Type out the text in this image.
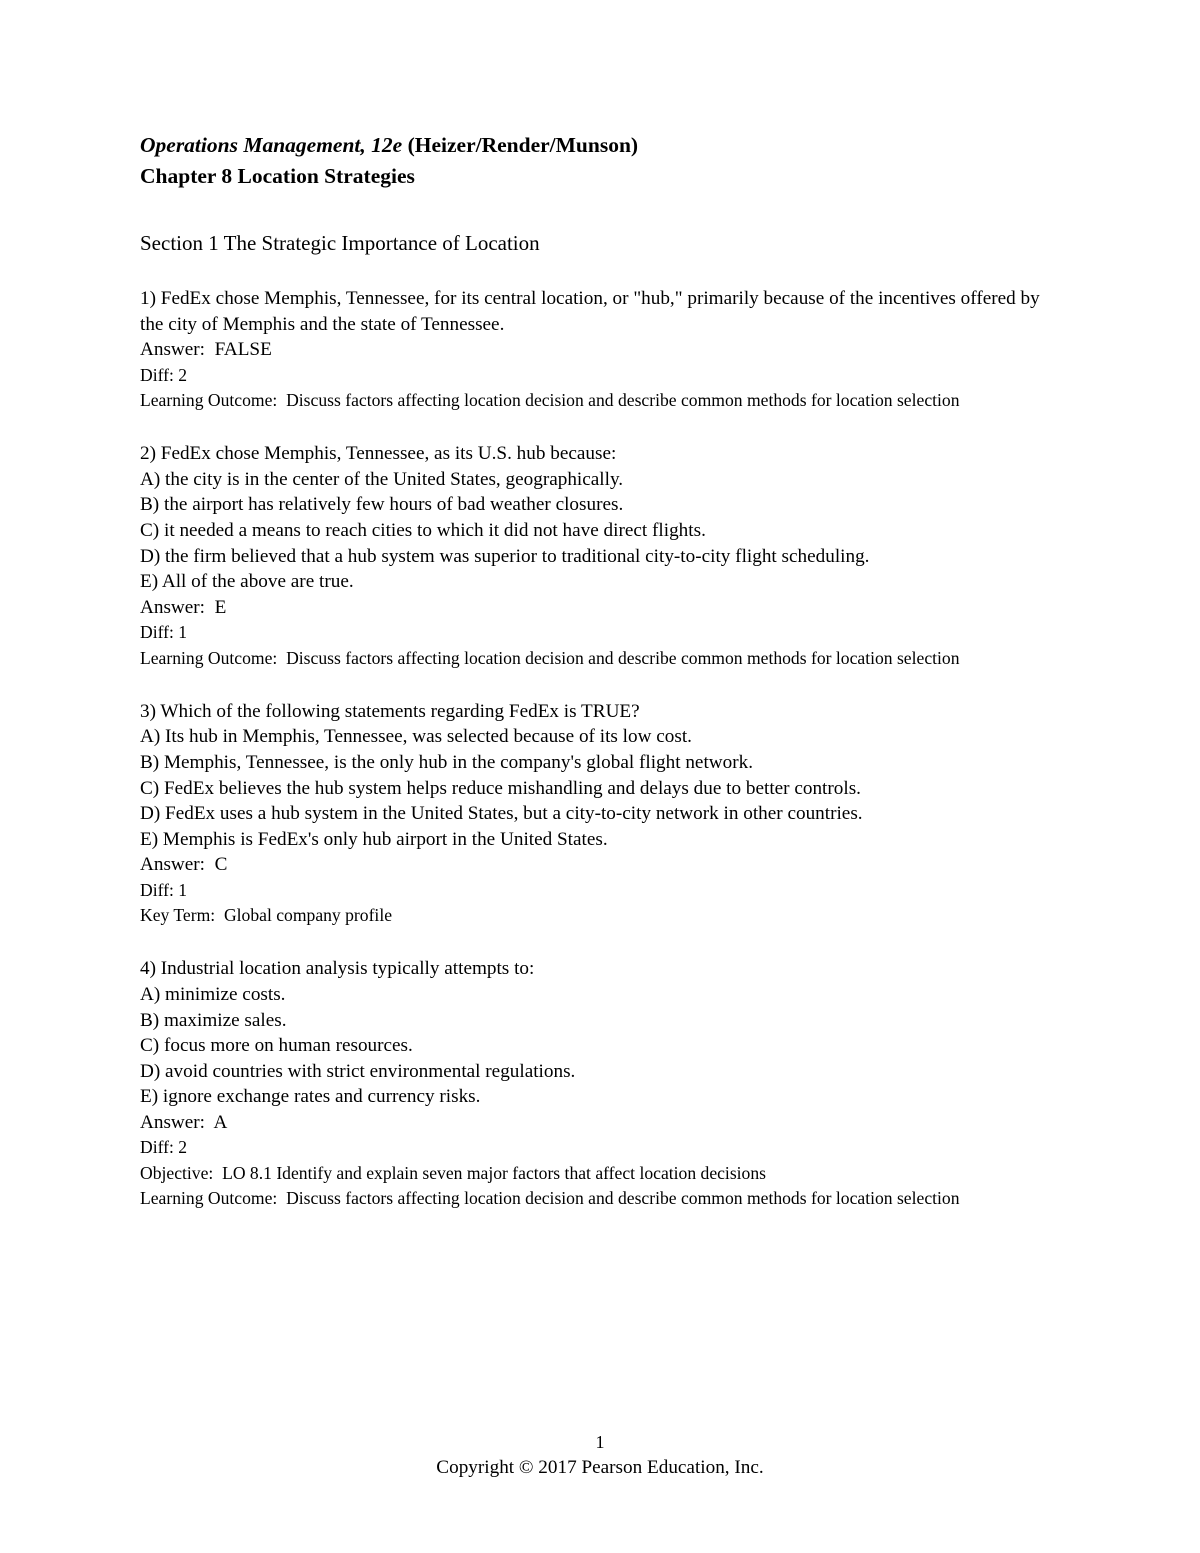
Operations Management, 12e (Heizer/Render/Munson)
Chapter 8 Location Strategies
Section 1 The Strategic Importance of Location
1) FedEx chose Memphis, Tennessee, for its central location, or "hub," primarily because of the incentives offered by the city of Memphis and the state of Tennessee.
Answer:  FALSE
Diff: 2
Learning Outcome:  Discuss factors affecting location decision and describe common methods for location selection
2) FedEx chose Memphis, Tennessee, as its U.S. hub because:
A) the city is in the center of the United States, geographically.
B) the airport has relatively few hours of bad weather closures.
C) it needed a means to reach cities to which it did not have direct flights.
D) the firm believed that a hub system was superior to traditional city-to-city flight scheduling.
E) All of the above are true.
Answer:  E
Diff: 1
Learning Outcome:  Discuss factors affecting location decision and describe common methods for location selection
3) Which of the following statements regarding FedEx is TRUE?
A) Its hub in Memphis, Tennessee, was selected because of its low cost.
B) Memphis, Tennessee, is the only hub in the company's global flight network.
C) FedEx believes the hub system helps reduce mishandling and delays due to better controls.
D) FedEx uses a hub system in the United States, but a city-to-city network in other countries.
E) Memphis is FedEx's only hub airport in the United States.
Answer:  C
Diff: 1
Key Term:  Global company profile
4) Industrial location analysis typically attempts to:
A) minimize costs.
B) maximize sales.
C) focus more on human resources.
D) avoid countries with strict environmental regulations.
E) ignore exchange rates and currency risks.
Answer:  A
Diff: 2
Objective:  LO 8.1 Identify and explain seven major factors that affect location decisions
Learning Outcome:  Discuss factors affecting location decision and describe common methods for location selection
1
Copyright © 2017 Pearson Education, Inc.
